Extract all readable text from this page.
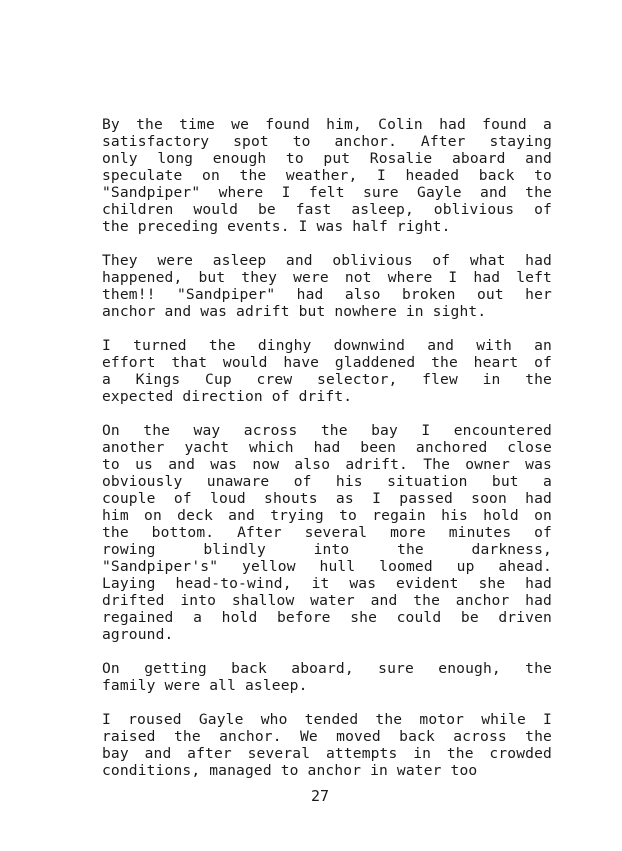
By the time we found him, Colin had found a
satisfactory spot to anchor. After staying
only long enough to put Rosalie aboard and
speculate on the weather, I headed back to
"Sandpiper" where I felt sure Gayle and the
children would be fast asleep, oblivious of
the preceding events. I was half right.
They were asleep and oblivious of what had
happened, but they were not where I had left
them!! "Sandpiper" had also broken out her
anchor and was adrift but nowhere in sight.
I turned the dinghy downwind and with an
effort that would have gladdened the heart of
a Kings Cup crew selector, flew in the
expected direction of drift.
On the way across the bay I encountered
another yacht which had been anchored close
to us and was now also adrift. The owner was
obviously unaware of his situation but a
couple of loud shouts as I passed soon had
him on deck and trying to regain his hold on
the bottom. After several more minutes of
rowing blindly into the darkness,
"Sandpiper's" yellow hull loomed up ahead.
Laying head-to-wind, it was evident she had
drifted into shallow water and the anchor had
regained a hold before she could be driven
aground.
On getting back aboard, sure enough, the
family were all asleep.
I roused Gayle who tended the motor while I
raised the anchor. We moved back across the
bay and after several attempts in the crowded
conditions, managed to anchor in water too
27
